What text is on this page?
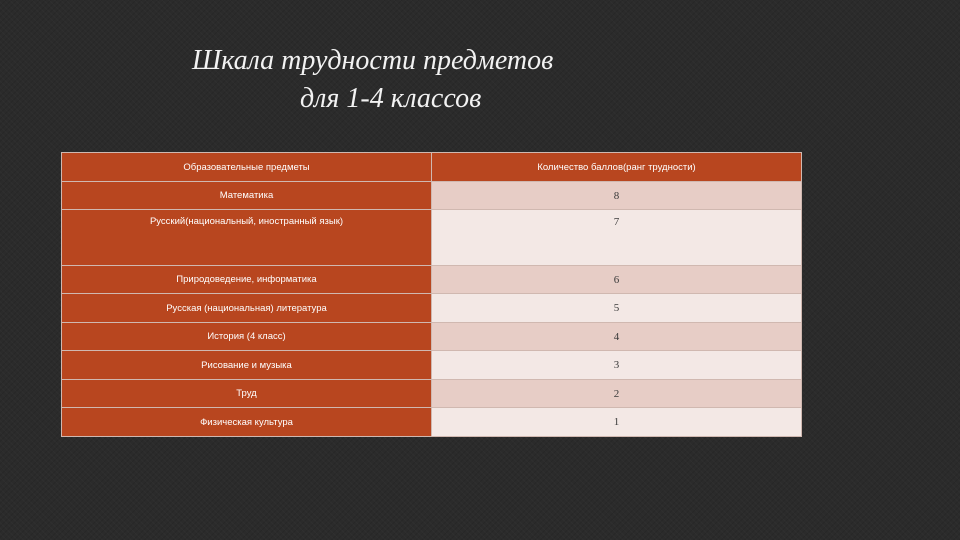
Шкала трудности предметов
для 1-4 классов
Образовательные предметы	Количество баллов(ранг трудности)
Математика	8
Русский(национальный, иностранный язык)	7
Природоведение, информатика	6
Русская (национальная) литература	5
История (4 класс)	4
Рисование и музыка	3
Труд	2
Физическая культура	1
